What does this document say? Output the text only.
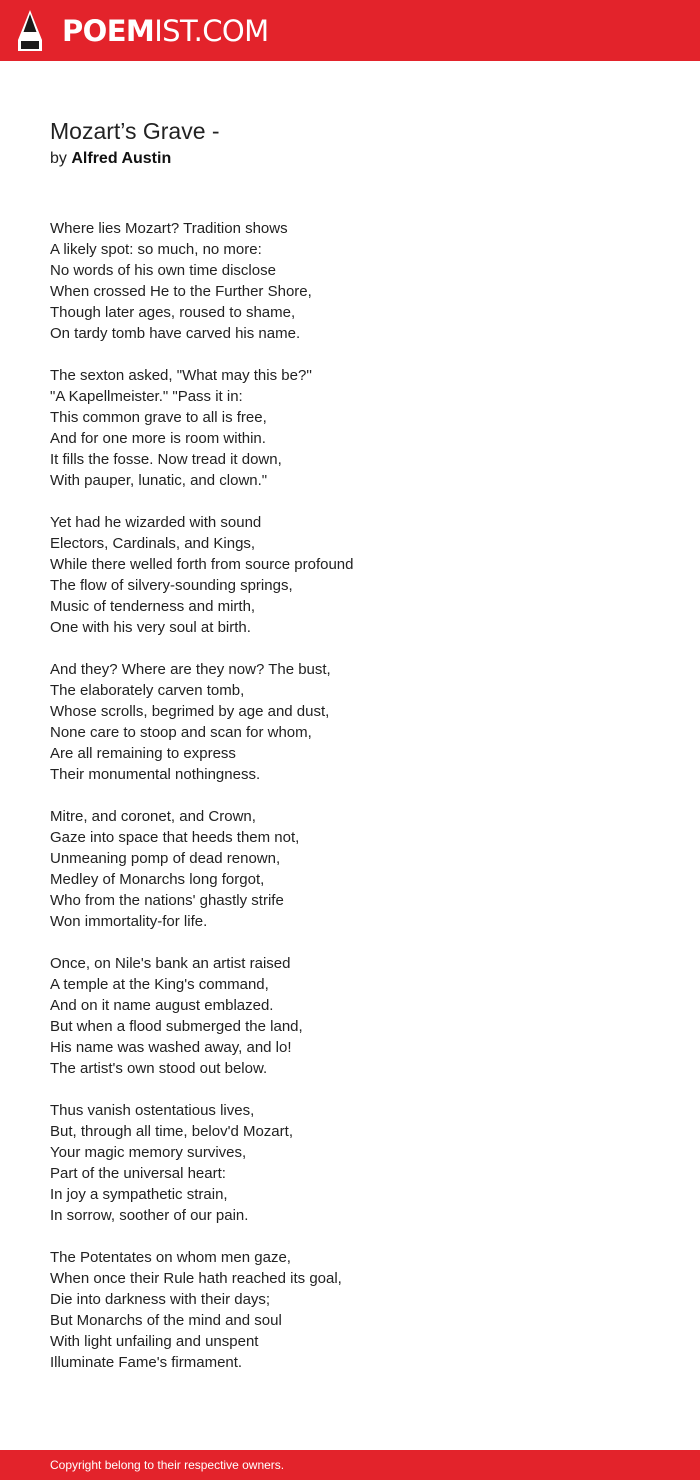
POEMIST.COM
Mozart’s Grave -
by Alfred Austin
Where lies Mozart? Tradition shows
A likely spot: so much, no more:
No words of his own time disclose
When crossed He to the Further Shore,
Though later ages, roused to shame,
On tardy tomb have carved his name.
The sexton asked, "What may this be?''
"A Kapellmeister." "Pass it in:
This common grave to all is free,
And for one more is room within.
It fills the fosse. Now tread it down,
With pauper, lunatic, and clown."
Yet had he wizarded with sound
Electors, Cardinals, and Kings,
While there welled forth from source profound
The flow of silvery-sounding springs,
Music of tenderness and mirth,
One with his very soul at birth.
And they? Where are they now? The bust,
The elaborately carven tomb,
Whose scrolls, begrimed by age and dust,
None care to stoop and scan for whom,
Are all remaining to express
Their monumental nothingness.
Mitre, and coronet, and Crown,
Gaze into space that heeds them not,
Unmeaning pomp of dead renown,
Medley of Monarchs long forgot,
Who from the nations' ghastly strife
Won immortality-for life.
Once, on Nile's bank an artist raised
A temple at the King's command,
And on it name august emblazed.
But when a flood submerged the land,
His name was washed away, and lo!
The artist's own stood out below.
Thus vanish ostentatious lives,
But, through all time, belov'd Mozart,
Your magic memory survives,
Part of the universal heart:
In joy a sympathetic strain,
In sorrow, soother of our pain.
The Potentates on whom men gaze,
When once their Rule hath reached its goal,
Die into darkness with their days;
But Monarchs of the mind and soul
With light unfailing and unspent
Illuminate Fame's firmament.
Copyright belong to their respective owners.
